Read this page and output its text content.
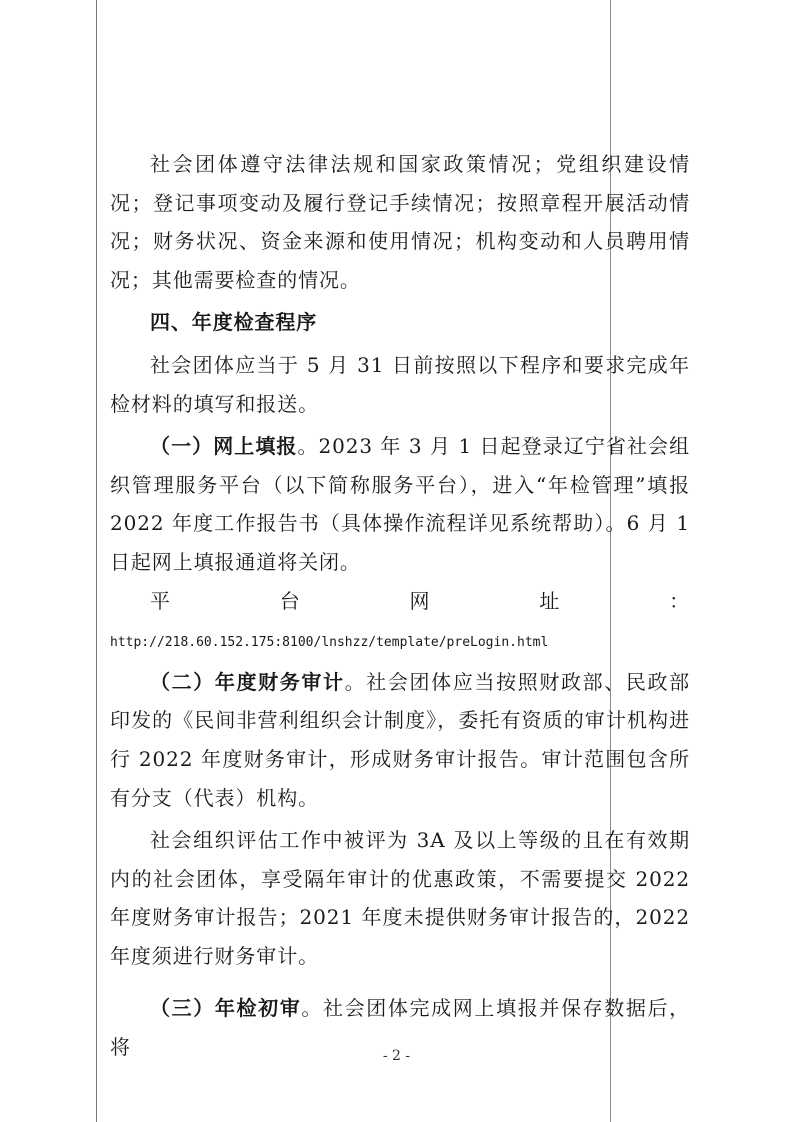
社会团体遵守法律法规和国家政策情况；党组织建设情况；登记事项变动及履行登记手续情况；按照章程开展活动情况；财务状况、资金来源和使用情况；机构变动和人员聘用情况；其他需要检查的情况。

四、年度检查程序

社会团体应当于 5 月 31 日前按照以下程序和要求完成年检材料的填写和报送。

（一）网上填报。2023 年 3 月 1 日起登录辽宁省社会组织管理服务平台（以下简称服务平台），进入“年检管理”填报 2022 年度工作报告书（具体操作流程详见系统帮助）。6 月 1 日起网上填报通道将关闭。

平台网址：http://218.60.152.175:8100/lnshzz/template/preLogin.html

（二）年度财务审计。社会团体应当按照财政部、民政部印发的《民间非营利组织会计制度》，委托有资质的审计机构进行 2022 年度财务审计，形成财务审计报告。审计范围包含所有分支（代表）机构。

社会组织评估工作中被评为 3A 及以上等级的且在有效期内的社会团体，享受隔年审计的优惠政策，不需要提交 2022 年度财务审计报告；2021 年度未提供财务审计报告的，2022 年度须进行财务审计。

（三）年检初审。社会团体完成网上填报并保存数据后，将	- 2 -
